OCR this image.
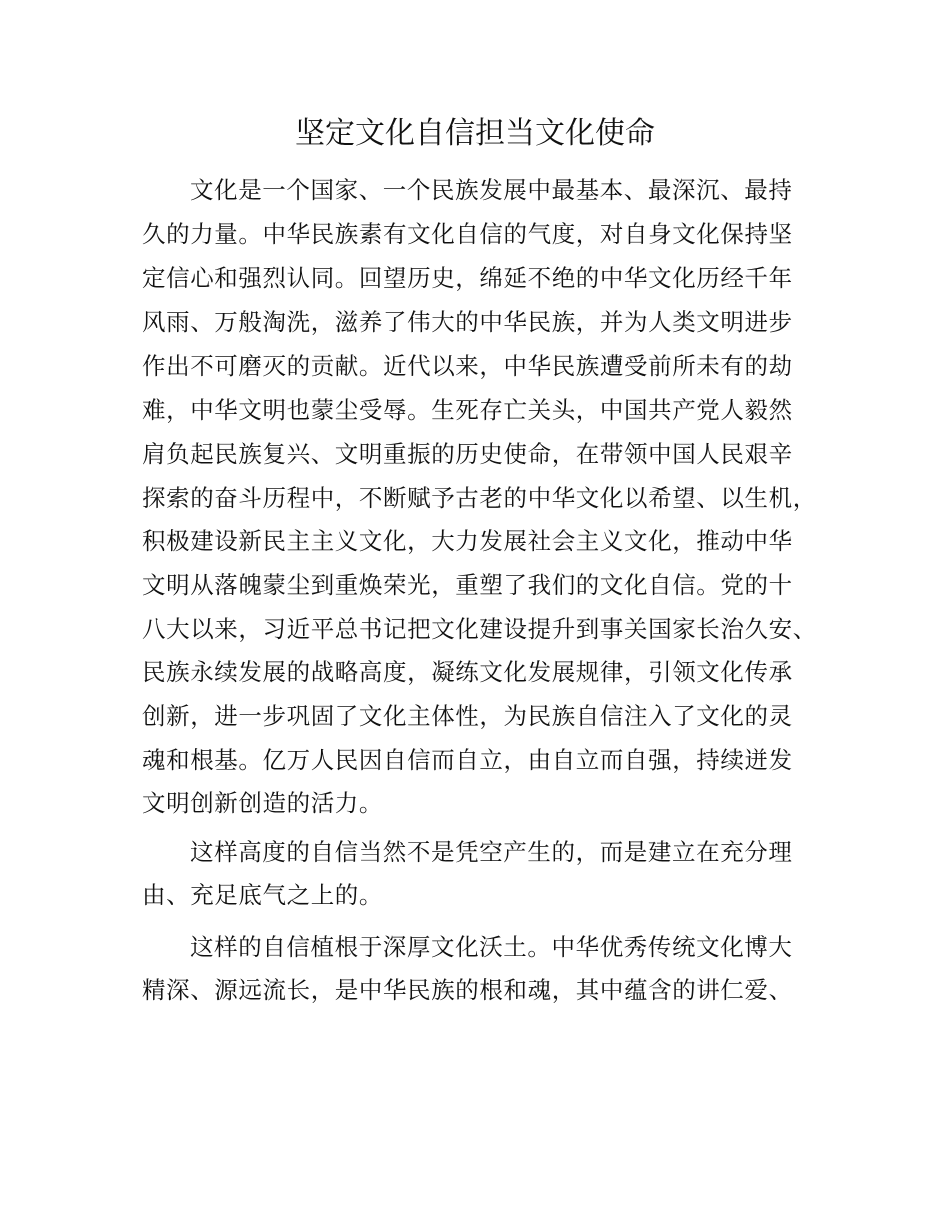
坚定文化自信担当文化使命
文化是一个国家、一个民族发展中最基本、最深沉、最持
久的力量。中华民族素有文化自信的气度，对自身文化保持坚
定信心和强烈认同。回望历史，绵延不绝的中华文化历经千年
风雨、万般淘洗，滋养了伟大的中华民族，并为人类文明进步
作出不可磨灭的贡献。近代以来，中华民族遭受前所未有的劫
难，中华文明也蒙尘受辱。生死存亡关头，中国共产党人毅然
肩负起民族复兴、文明重振的历史使命，在带领中国人民艰辛
探索的奋斗历程中，不断赋予古老的中华文化以希望、以生机，
积极建设新民主主义文化，大力发展社会主义文化，推动中华
文明从落魄蒙尘到重焕荣光，重塑了我们的文化自信。党的十
八大以来，习近平总书记把文化建设提升到事关国家长治久安、
民族永续发展的战略高度，凝练文化发展规律，引领文化传承
创新，进一步巩固了文化主体性，为民族自信注入了文化的灵
魂和根基。亿万人民因自信而自立，由自立而自强，持续迸发
文明创新创造的活力。
这样高度的自信当然不是凭空产生的，而是建立在充分理
由、充足底气之上的。
这样的自信植根于深厚文化沃土。中华优秀传统文化博大
精深、源远流长，是中华民族的根和魂，其中蕴含的讲仁爱、
